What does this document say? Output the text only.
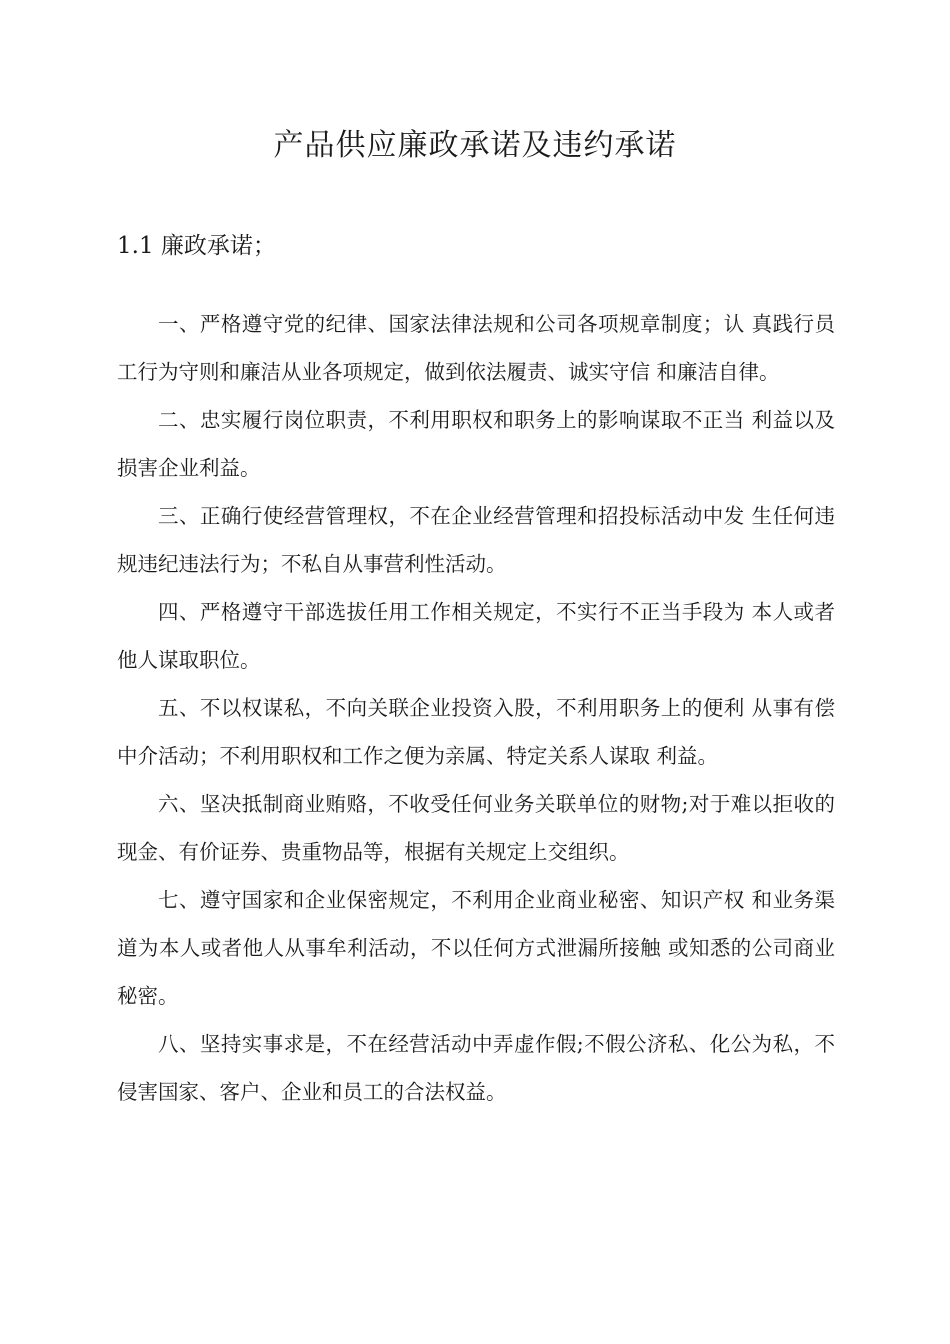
产品供应廉政承诺及违约承诺
1.1 廉政承诺；

一、严格遵守党的纪律、国家法律法规和公司各项规章制度；认 真践行员工行为守则和廉洁从业各项规定，做到依法履责、诚实守信 和廉洁自律。

二、忠实履行岗位职责，不利用职权和职务上的影响谋取不正当 利益以及损害企业利益。

三、正确行使经营管理权，不在企业经营管理和招投标活动中发 生任何违规违纪违法行为；不私自从事营利性活动。

四、严格遵守干部选拔任用工作相关规定，不实行不正当手段为 本人或者他人谋取职位。

五、不以权谋私，不向关联企业投资入股，不利用职务上的便利 从事有偿中介活动；不利用职权和工作之便为亲属、特定关系人谋取 利益。

六、坚决抵制商业贿赂，不收受任何业务关联单位的财物;对于难以拒收的现金、有价证券、贵重物品等，根据有关规定上交组织。

七、遵守国家和企业保密规定，不利用企业商业秘密、知识产权 和业务渠道为本人或者他人从事牟利活动，不以任何方式泄漏所接触 或知悉的公司商业秘密。

八、坚持实事求是，不在经营活动中弄虚作假;不假公济私、化公为私，不侵害国家、客户、企业和员工的合法权益。
